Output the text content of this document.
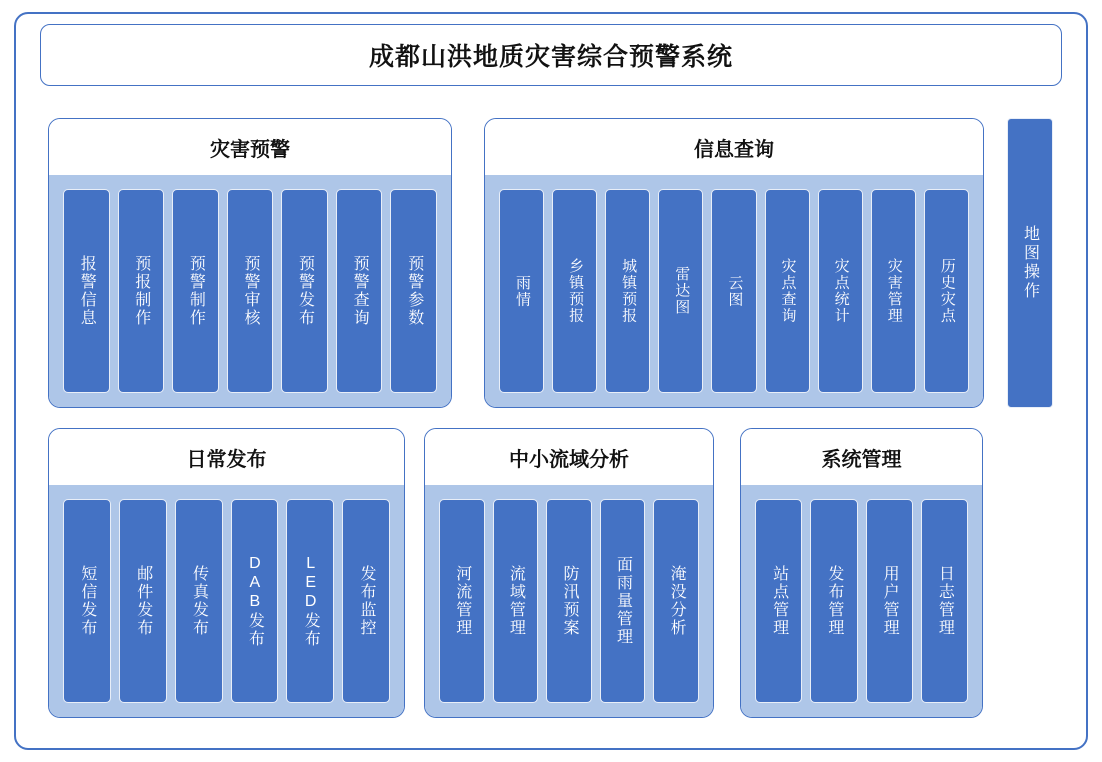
成都山洪地质灾害综合预警系统
灾害预警
报警信息 预报制作 预警制作 预警审核 预警发布 预警查询 预警参数
信息查询
雨情 乡镇预报 城镇预报 雷达图 云图 灾点查询 灾点统计 灾害管理 历史灾点	地图操作
日常发布
短信发布 邮件发布 传真发布 DAB发布 LED发布 发布监控
中小流域分析
河流管理 流域管理 防汛预案 面雨量管理 淹没分析
系统管理
站点管理 发布管理 用户管理 日志管理
